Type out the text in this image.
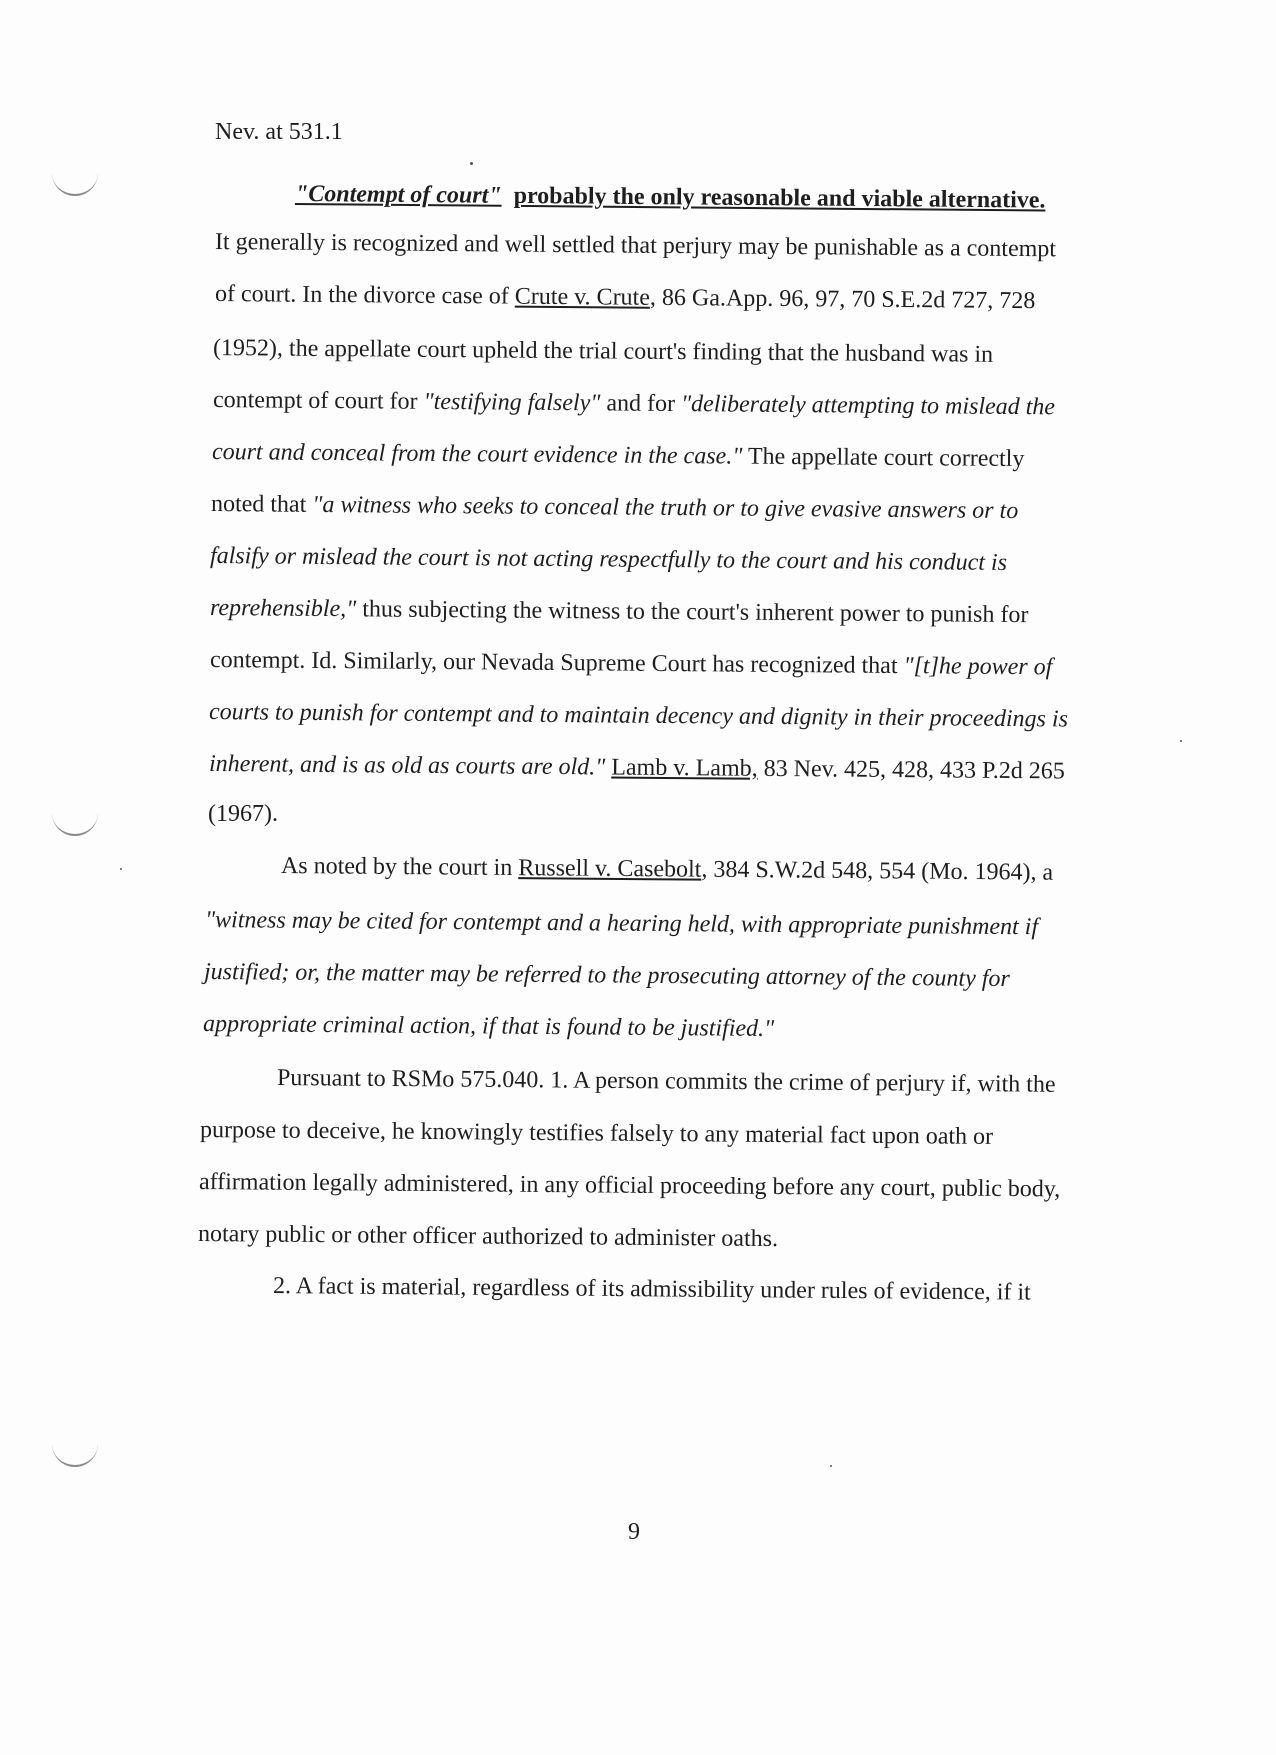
Nev. at 531.1
"Contempt of court" probably the only reasonable and viable alternative.
It generally is recognized and well settled that perjury may be punishable as a contempt
of court. In the divorce case of Crute v. Crute, 86 Ga.App. 96, 97, 70 S.E.2d 727, 728
(1952), the appellate court upheld the trial court's finding that the husband was in
contempt of court for "testifying falsely" and for "deliberately attempting to mislead the
court and conceal from the court evidence in the case." The appellate court correctly
noted that "a witness who seeks to conceal the truth or to give evasive answers or to
falsify or mislead the court is not acting respectfully to the court and his conduct is
reprehensible," thus subjecting the witness to the court's inherent power to punish for
contempt. Id. Similarly, our Nevada Supreme Court has recognized that "[t]he power of
courts to punish for contempt and to maintain decency and dignity in their proceedings is
inherent, and is as old as courts are old." Lamb v. Lamb, 83 Nev. 425, 428, 433 P.2d 265
(1967).
As noted by the court in Russell v. Casebolt, 384 S.W.2d 548, 554 (Mo. 1964), a
"witness may be cited for contempt and a hearing held, with appropriate punishment if
justified; or, the matter may be referred to the prosecuting attorney of the county for
appropriate criminal action, if that is found to be justified."
Pursuant to RSMo 575.040. 1. A person commits the crime of perjury if, with the
purpose to deceive, he knowingly testifies falsely to any material fact upon oath or
affirmation legally administered, in any official proceeding before any court, public body,
notary public or other officer authorized to administer oaths.
2. A fact is material, regardless of its admissibility under rules of evidence, if it
9
